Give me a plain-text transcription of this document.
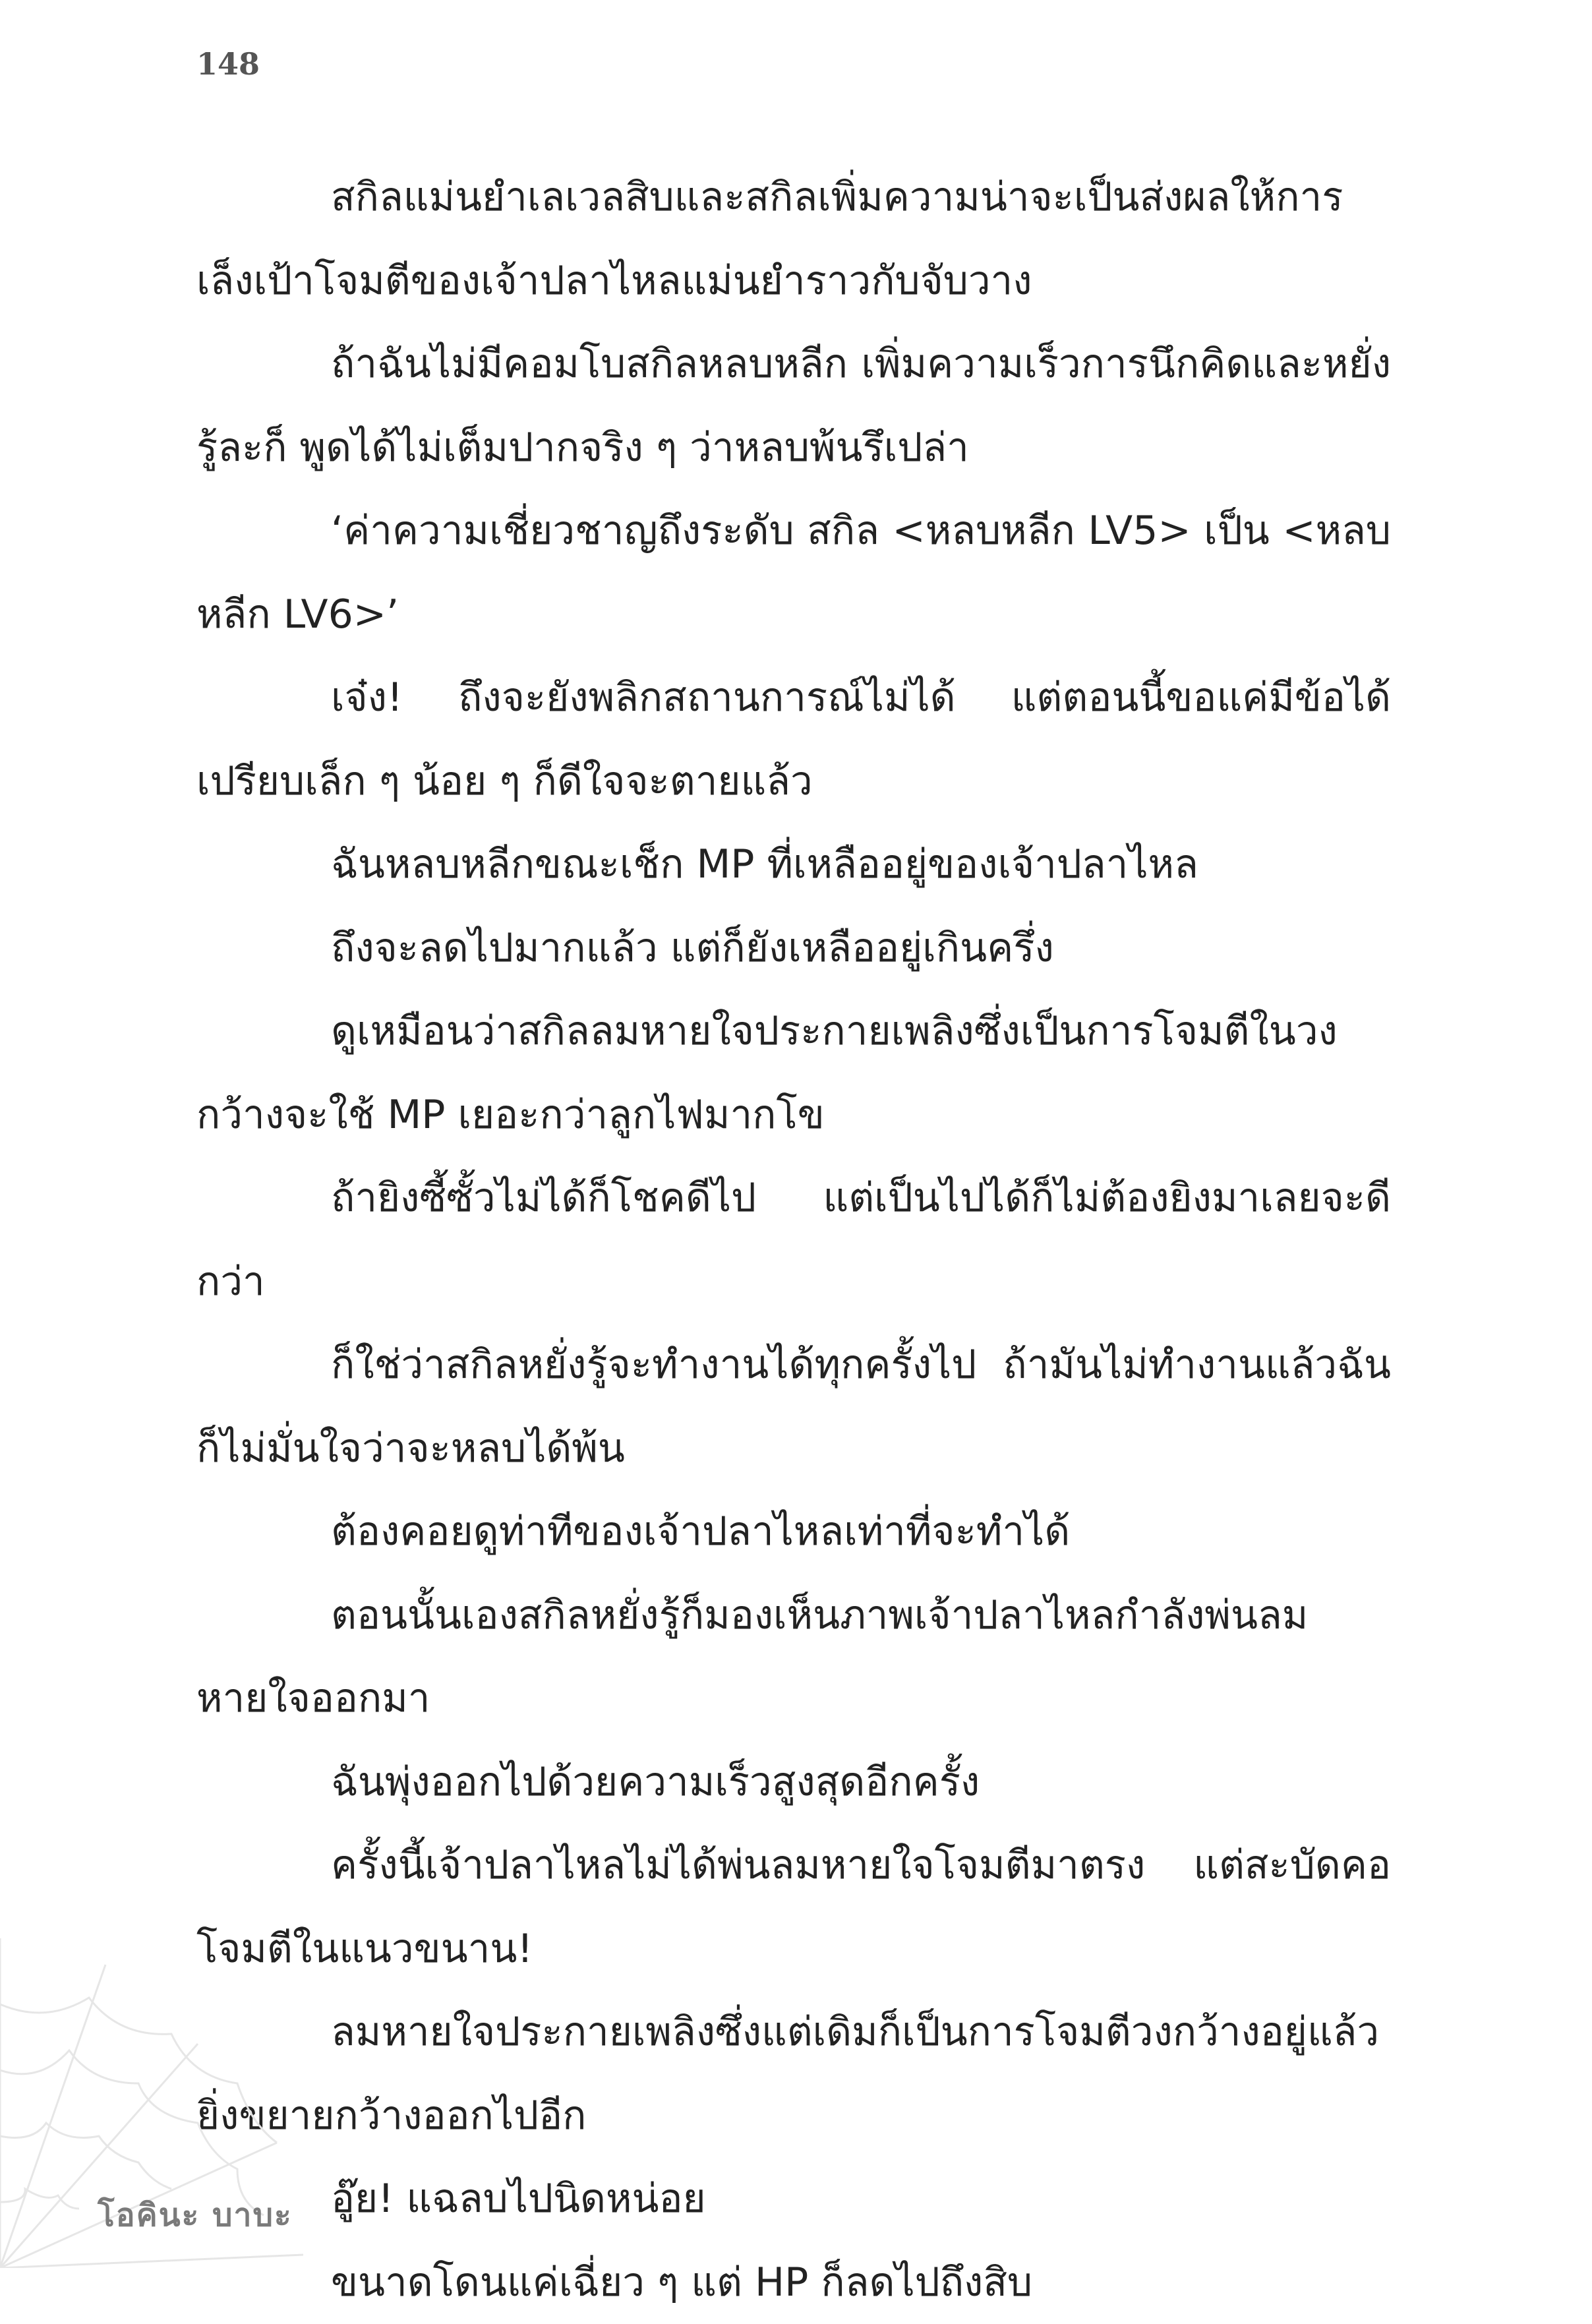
148

สกิลแม่นยำเลเวลสิบและสกิลเพิ่มความน่าจะเป็นส่งผลให้การเล็งเป้าโจมตีของเจ้าปลาไหลแม่นยำราวกับจับวาง

ถ้าฉันไม่มีคอมโบสกิลหลบหลีก เพิ่มความเร็วการนึกคิดและหยั่งรู้ละก็ พูดได้ไม่เต็มปากจริง ๆ ว่าหลบพ้นรึเปล่า

‘ค่าความเชี่ยวชาญถึงระดับ สกิล <หลบหลีก LV5> เป็น <หลบหลีก LV6>’

เจ๋ง! ถึงจะยังพลิกสถานการณ์ไม่ได้ แต่ตอนนี้ขอแค่มีข้อได้เปรียบเล็ก ๆ น้อย ๆ ก็ดีใจจะตายแล้ว

ฉันหลบหลีกขณะเช็ก MP ที่เหลืออยู่ของเจ้าปลาไหล

ถึงจะลดไปมากแล้ว แต่ก็ยังเหลืออยู่เกินครึ่ง

ดูเหมือนว่าสกิลลมหายใจประกายเพลิงซึ่งเป็นการโจมตีในวงกว้างจะใช้ MP เยอะกว่าลูกไฟมากโข

ถ้ายิงซี้ซั้วไม่ได้ก็โชคดีไป แต่เป็นไปได้ก็ไม่ต้องยิงมาเลยจะดีกว่า

ก็ใช่ว่าสกิลหยั่งรู้จะทำงานได้ทุกครั้งไป ถ้ามันไม่ทำงานแล้วฉันก็ไม่มั่นใจว่าจะหลบได้พ้น

ต้องคอยดูท่าทีของเจ้าปลาไหลเท่าที่จะทำได้

ตอนนั้นเองสกิลหยั่งรู้ก็มองเห็นภาพเจ้าปลาไหลกำลังพ่นลมหายใจออกมา

ฉันพุ่งออกไปด้วยความเร็วสูงสุดอีกครั้ง

ครั้งนี้เจ้าปลาไหลไม่ได้พ่นลมหายใจโจมตีมาตรง แต่สะบัดคอโจมตีในแนวขนาน!

ลมหายใจประกายเพลิงซึ่งแต่เดิมก็เป็นการโจมตีวงกว้างอยู่แล้ว ยิ่งขยายกว้างออกไปอีก

อู๊ย! แฉลบไปนิดหน่อย

ขนาดโดนแค่เฉี่ยว ๆ แต่ HP ก็ลดไปถึงสิบ

โอคินะ บาบะ
